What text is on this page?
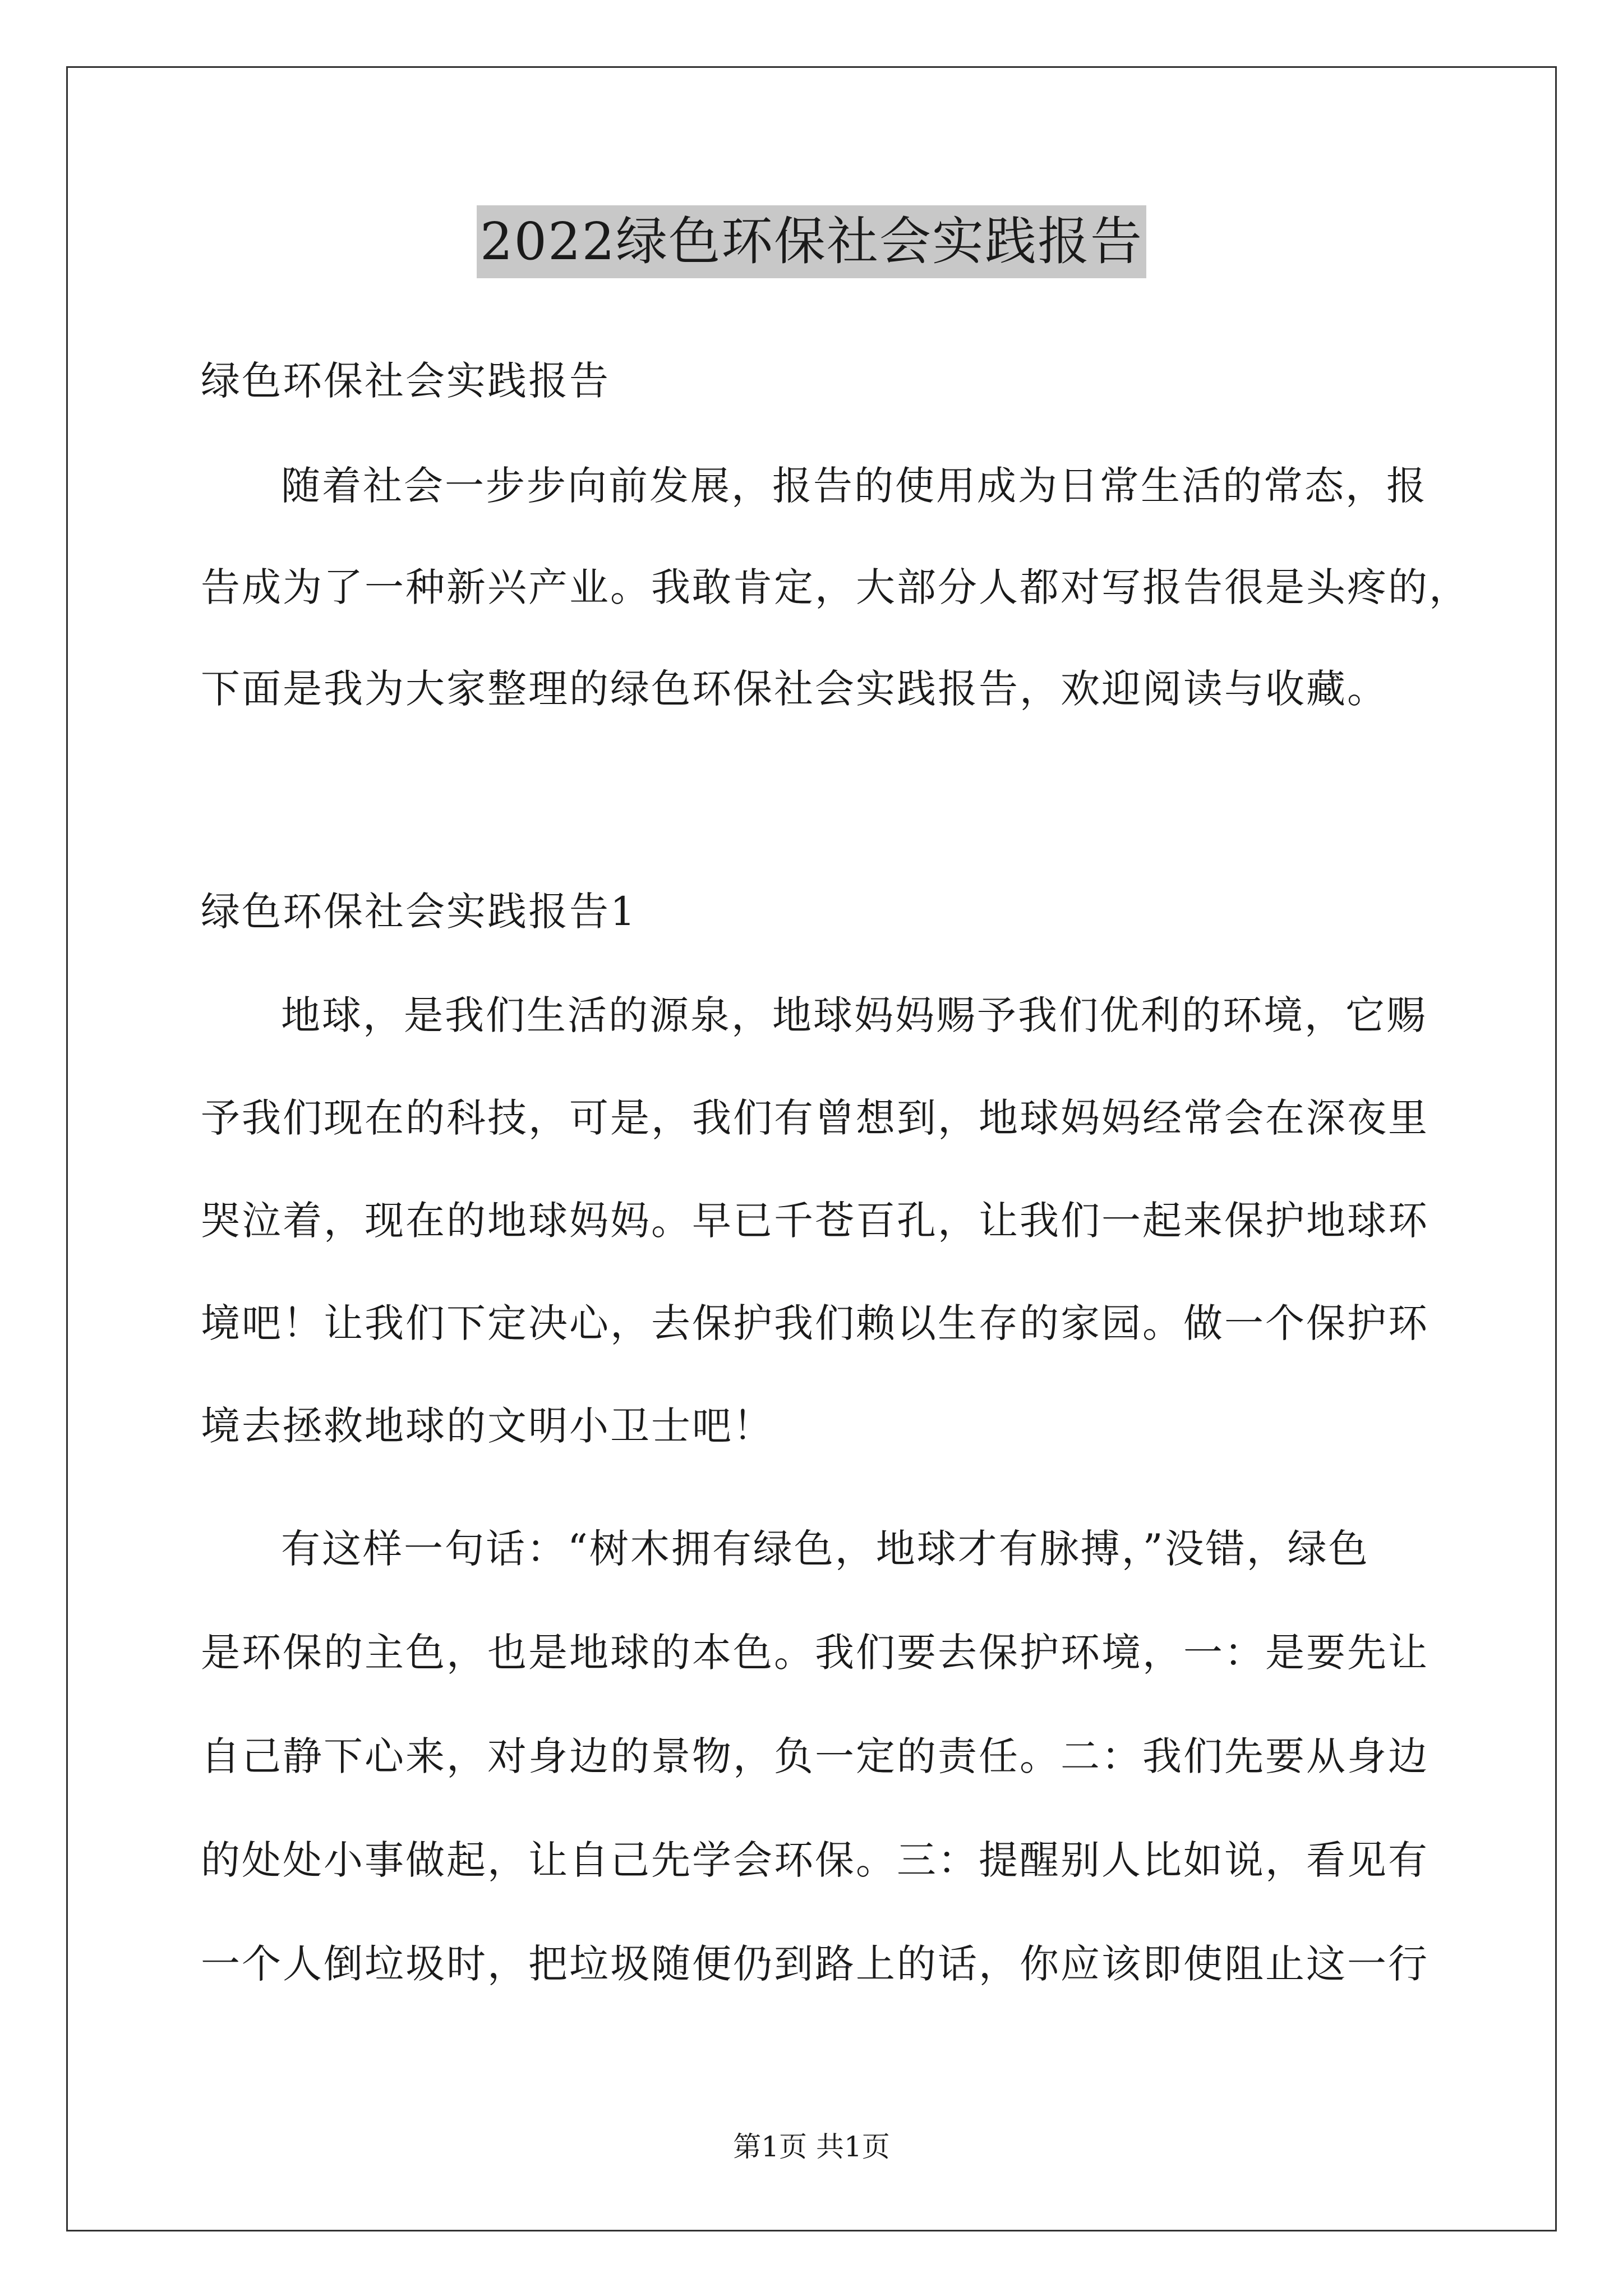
2022绿色环保社会实践报告
绿色环保社会实践报告
随着社会一步步向前发展，报告的使用成为日常生活的常态，报
告成为了一种新兴产业。我敢肯定，大部分人都对写报告很是头疼的，
下面是我为大家整理的绿色环保社会实践报告，欢迎阅读与收藏。
绿色环保社会实践报告1
地球，是我们生活的源泉，地球妈妈赐予我们优利的环境，它赐
予我们现在的科技，可是，我们有曾想到，地球妈妈经常会在深夜里
哭泣着，现在的地球妈妈。早已千苍百孔，让我们一起来保护地球环
境吧！让我们下定决心，去保护我们赖以生存的家园。做一个保护环
境去拯救地球的文明小卫士吧！
有这样一句话：“树木拥有绿色，地球才有脉搏，”没错，绿色
是环保的主色，也是地球的本色。我们要去保护环境，一：是要先让
自己静下心来，对身边的景物，负一定的责任。二：我们先要从身边
的处处小事做起，让自己先学会环保。三：提醒别人比如说，看见有
一个人倒垃圾时，把垃圾随便仍到路上的话，你应该即使阻止这一行
第1页 共1页
